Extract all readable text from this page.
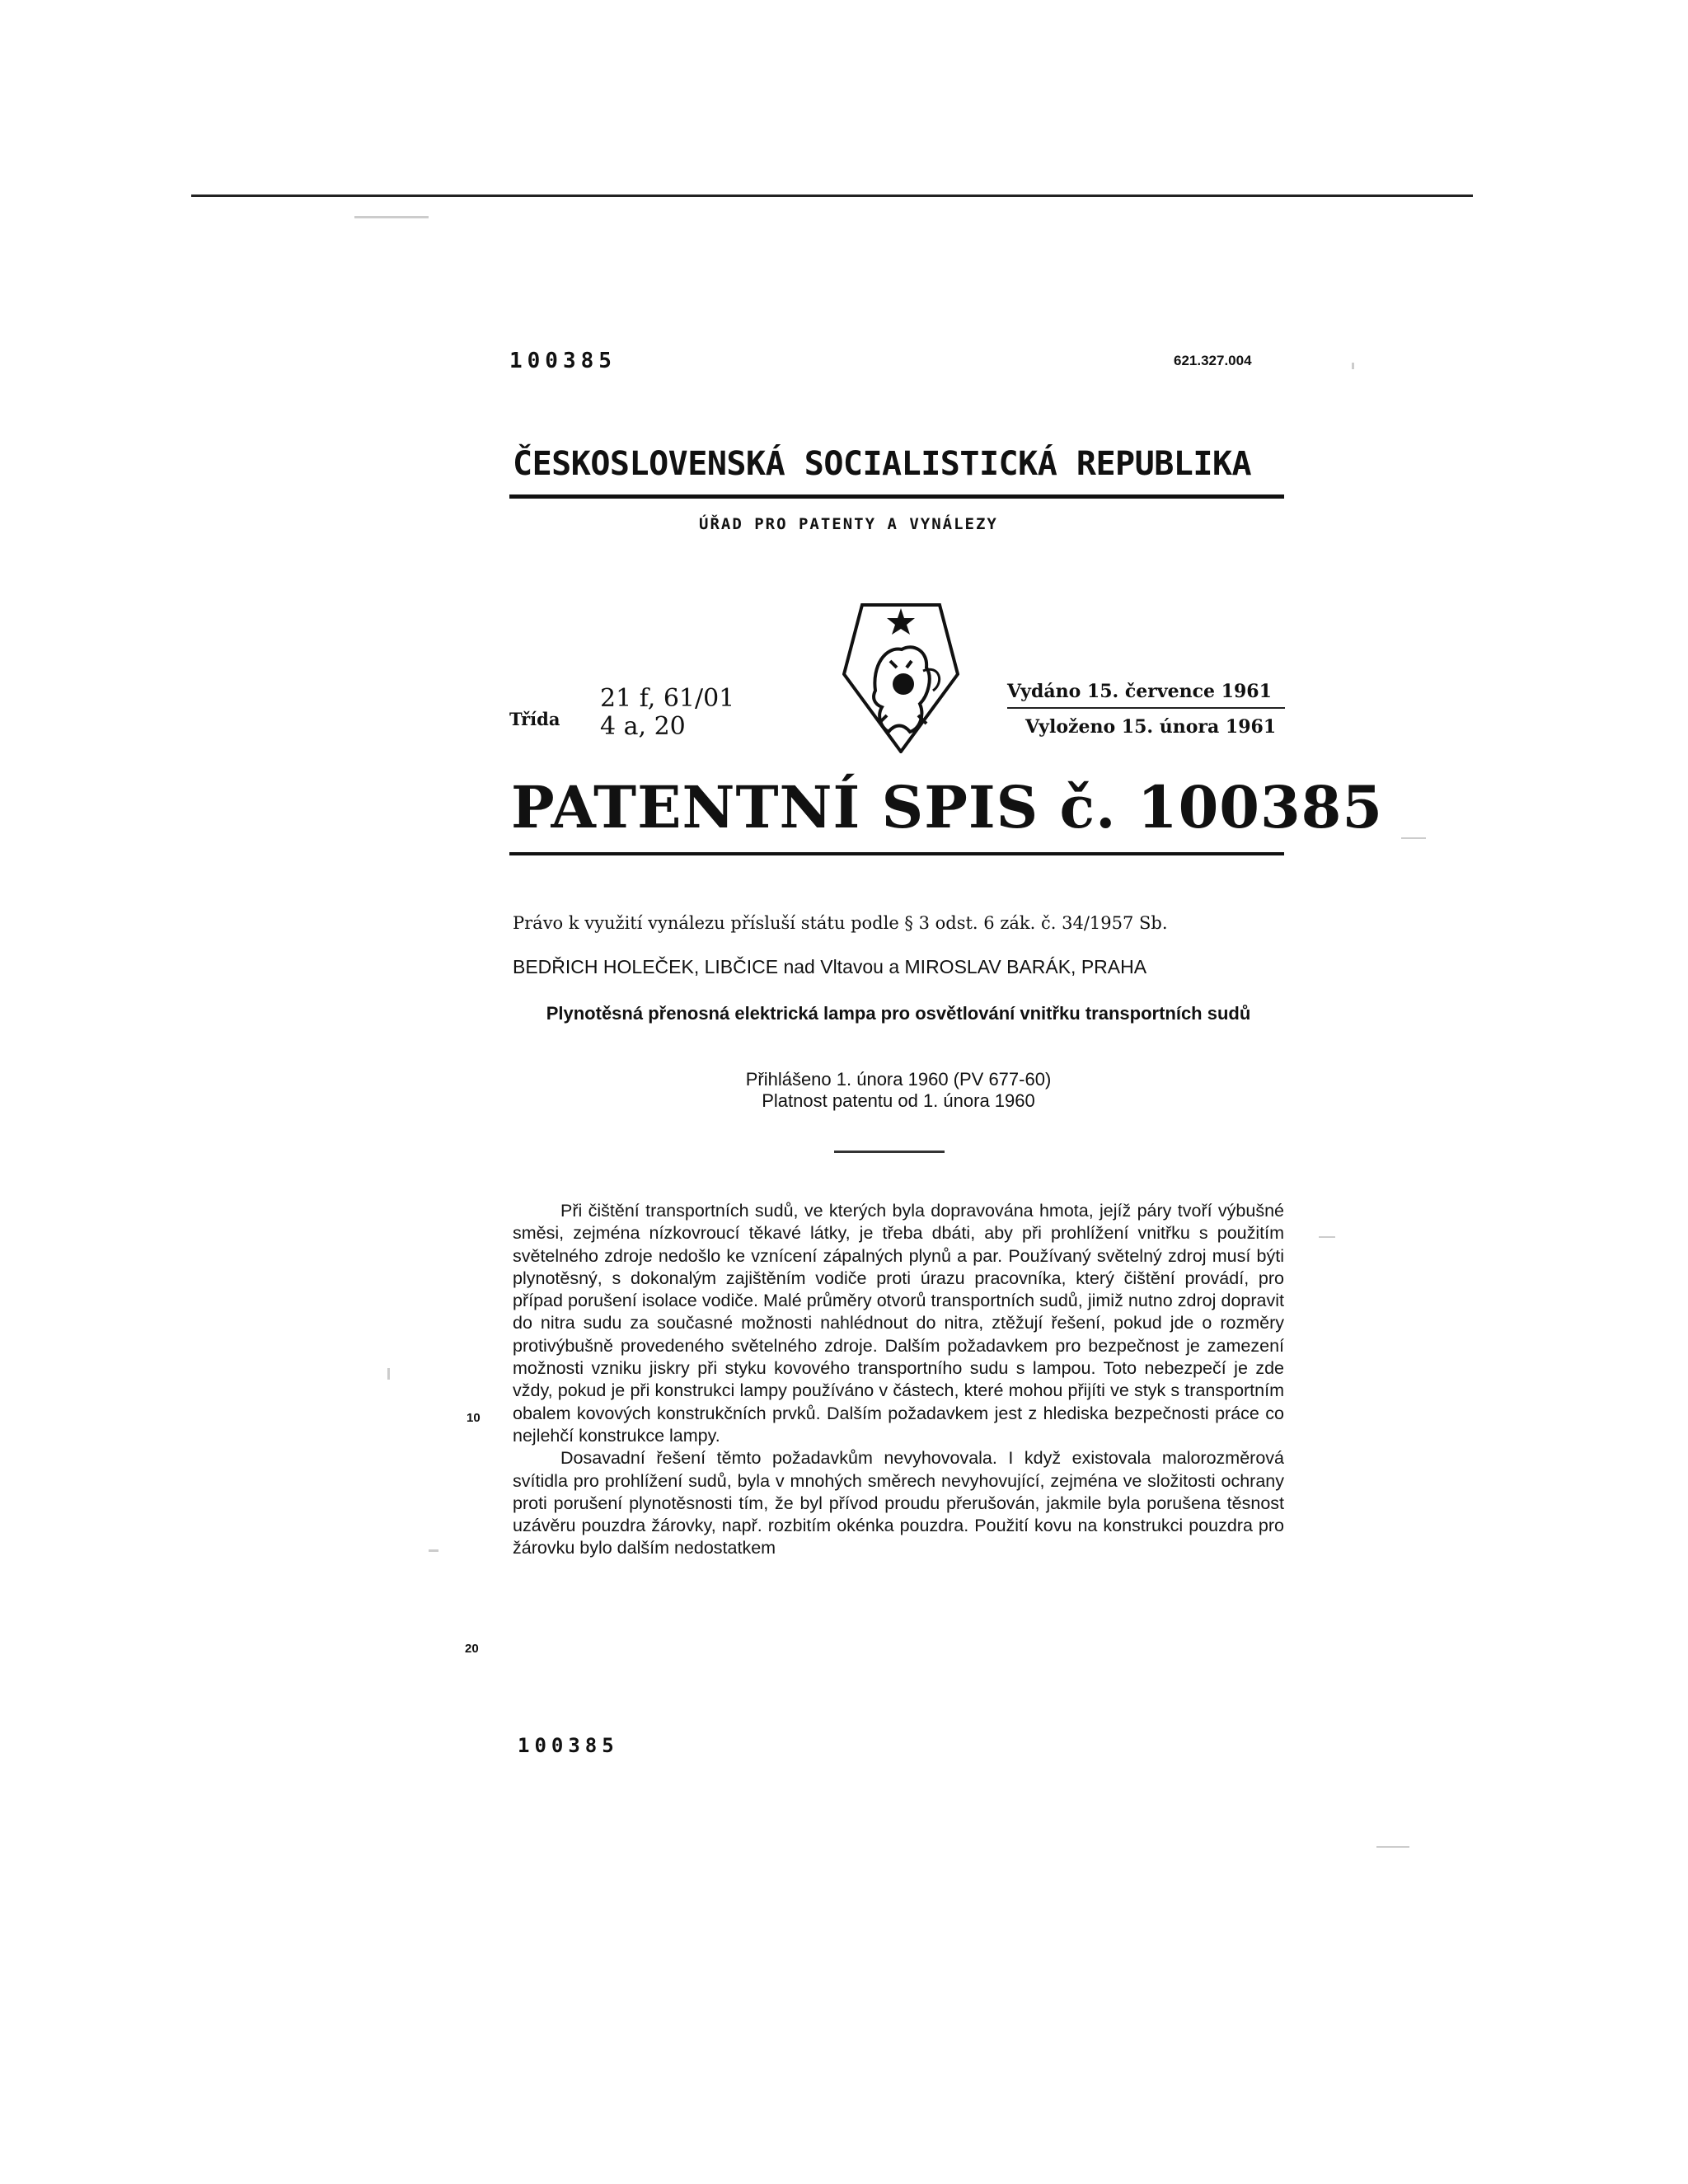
100385	621.327.004
ČESKOSLOVENSKÁ SOCIALISTICKÁ REPUBLIKA
ÚŘAD PRO PATENTY A VYNÁLEZY
Třída
21 f, 61/01
4 a, 20
Vydáno 15. července 1961
Vyloženo 15. února 1961
PATENTNÍ SPIS č. 100385
Právo k využití vynálezu přísluší státu podle § 3 odst. 6 zák. č. 34/1957 Sb.
BEDŘICH HOLEČEK, LIBČICE nad Vltavou a MIROSLAV BARÁK, PRAHA
Plynotěsná přenosná elektrická lampa pro osvětlování vnitřku transportních sudů
Přihlášeno 1. února 1960 (PV 677-60)
Platnost patentu od 1. února 1960

Při čištění transportních sudů, ve kterých byla dopravována hmota, jejíž páry tvoří výbušné směsi, zejména nízkovroucí těkavé látky, je třeba dbáti, aby při prohlížení vnitřku s použitím světelného zdroje nedošlo ke vznícení zápalných plynů a par. Používaný světelný zdroj musí býti plynotěsný, s dokonalým zajištěním vodiče proti úrazu pracovníka, který čištění provádí, pro případ porušení isolace vodiče. Malé průměry otvorů transportních sudů, jimiž nutno zdroj dopravit do nitra sudu za současné možnosti nahlédnout do nitra, ztěžují řešení, pokud jde o rozměry protivýbušně provedeného světelného zdroje. Dalším požadavkem pro bezpečnost je zamezení možnosti vzniku jiskry při styku kovového transportního sudu s lampou. Toto nebezpečí je zde vždy, pokud je při konstrukci lampy používáno v částech, které mohou přijíti ve styk s transportním obalem kovových konstrukčních prvků. Dalším požadavkem jest z hlediska bezpečnosti práce co nejlehčí konstrukce lampy.

Dosavadní řešení těmto požadavkům nevyhovovala. I když existovala malorozměrová svítidla pro prohlížení sudů, byla v mnohých směrech nevyhovující, zejména ve složitosti ochrany proti porušení plynotěsnosti tím, že byl přívod proudu přerušován, jakmile byla porušena těsnost uzávěru pouzdra žárovky, např. rozbitím okénka pouzdra. Použití kovu na konstrukci pouzdra pro žárovku bylo dalším nedostatkem

10
20
100385
